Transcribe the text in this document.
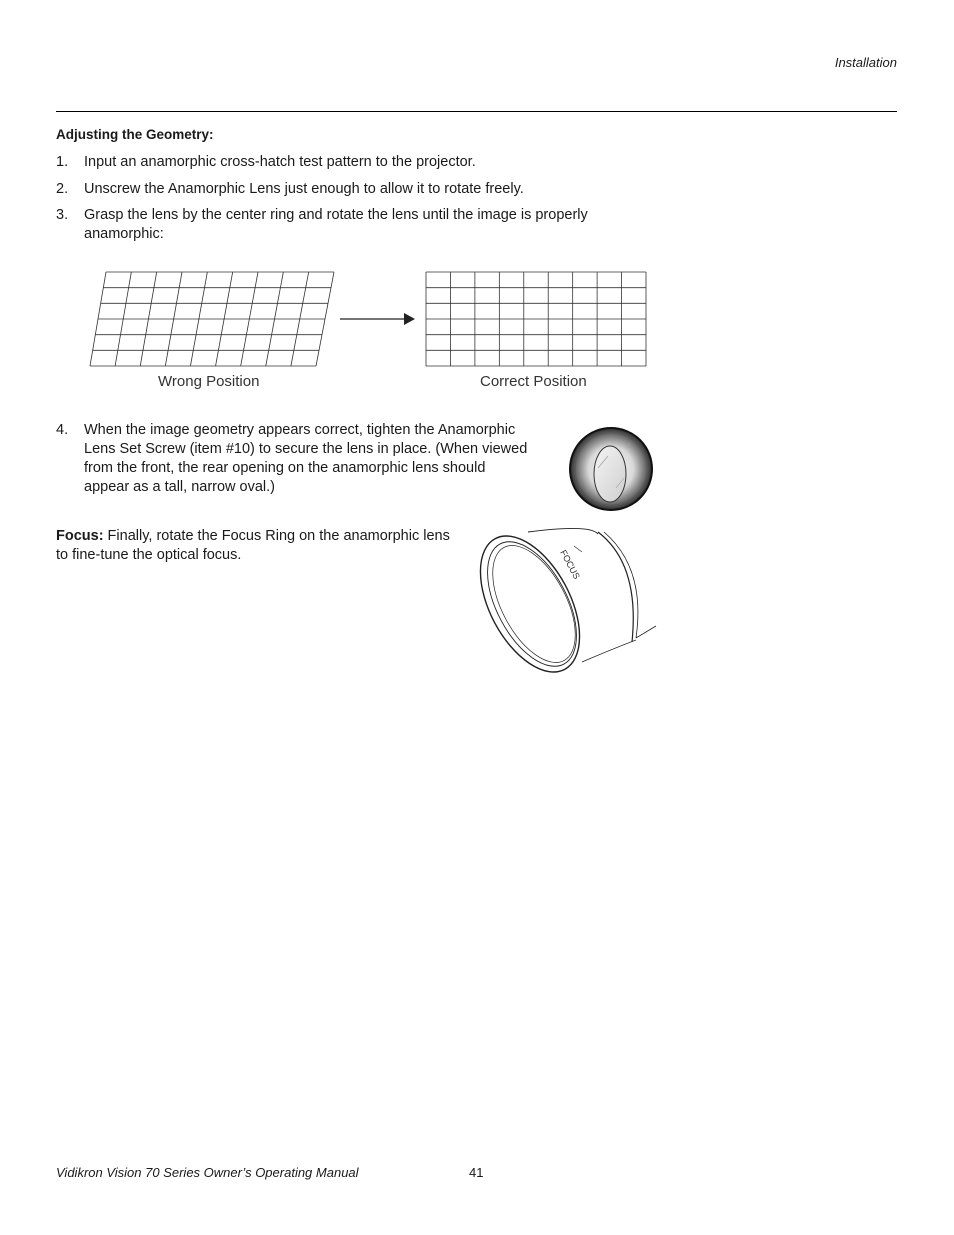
Installation
Adjusting the Geometry:
1.	Input an anamorphic cross-hatch test pattern to the projector.
2.	Unscrew the Anamorphic Lens just enough to allow it to rotate freely.
3.	Grasp the lens by the center ring and rotate the lens until the image is properly anamorphic:
Wrong Position	Correct Position
4.	When the image geometry appears correct, tighten the Anamorphic Lens Set Screw (item #10) to secure the lens in place. (When viewed from the front, the rear opening on the anamorphic lens should appear as a tall, narrow oval.)
Focus: Finally, rotate the Focus Ring on the anamorphic lens to fine-tune the optical focus.	FOCUS
Vidikron Vision 70 Series Owner’s Operating Manual	41
